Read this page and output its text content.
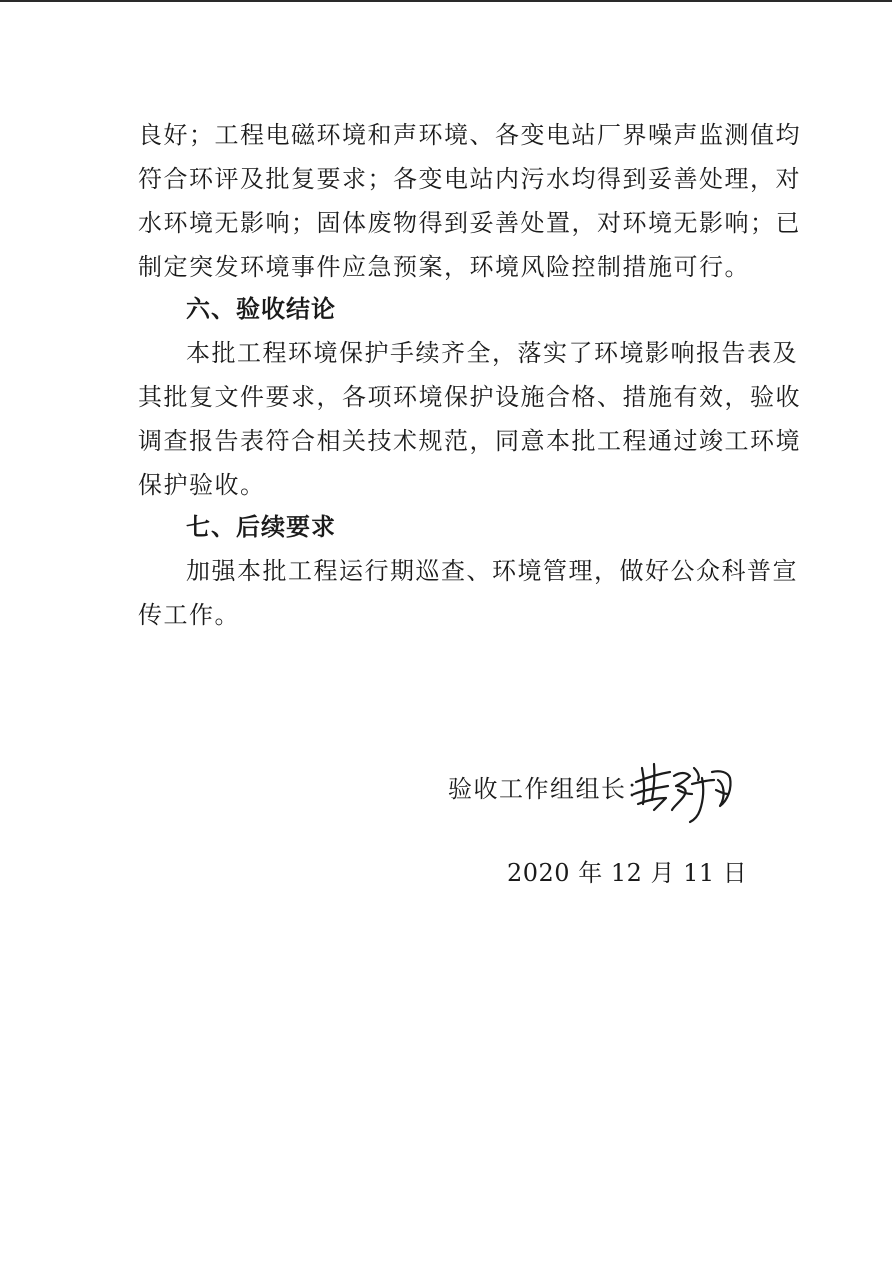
良好；工程电磁环境和声环境、各变电站厂界噪声监测值均
符合环评及批复要求；各变电站内污水均得到妥善处理，对
水环境无影响；固体废物得到妥善处置，对环境无影响；已
制定突发环境事件应急预案，环境风险控制措施可行。
六、验收结论
本批工程环境保护手续齐全，落实了环境影响报告表及
其批复文件要求，各项环境保护设施合格、措施有效，验收
调查报告表符合相关技术规范，同意本批工程通过竣工环境
保护验收。
七、后续要求
加强本批工程运行期巡查、环境管理，做好公众科普宣
传工作。
验收工作组组长：
2020 年 12 月 11 日
